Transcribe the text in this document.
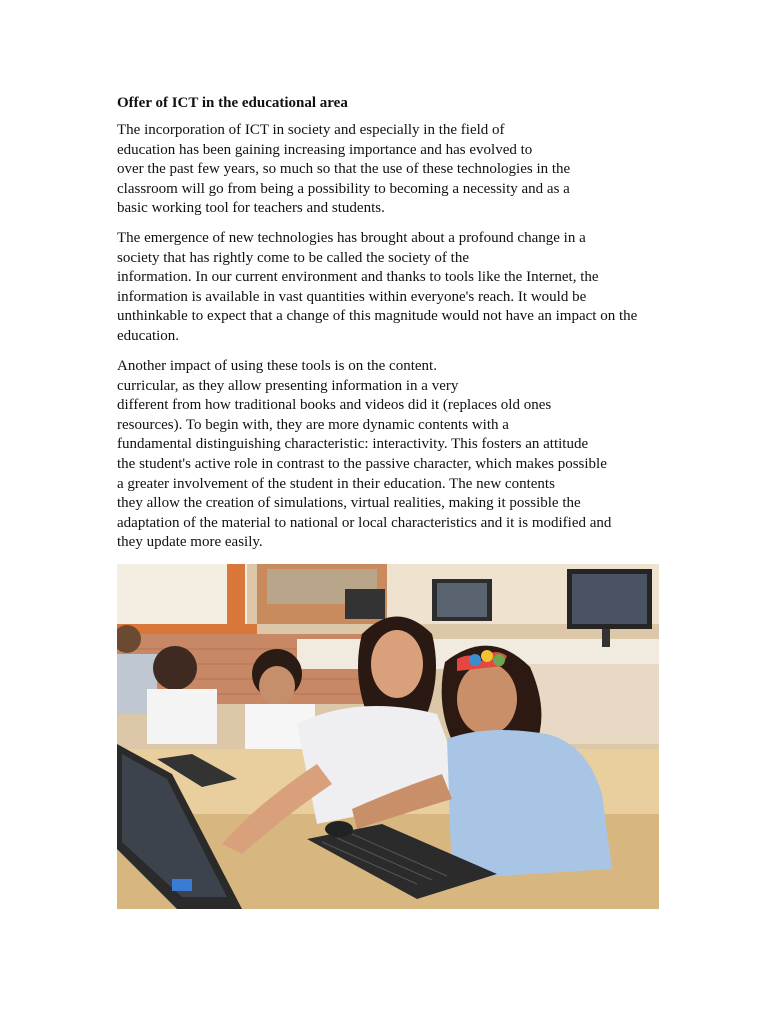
Offer of ICT in the educational area

The incorporation of ICT in society and especially in the field of
education has been gaining increasing importance and has evolved to
over the past few years, so much so that the use of these technologies in the
classroom will go from being a possibility to becoming a necessity and as a
basic working tool for teachers and students.

The emergence of new technologies has brought about a profound change in a
society that has rightly come to be called the society of the
information. In our current environment and thanks to tools like the Internet, the
information is available in vast quantities within everyone's reach. It would be
unthinkable to expect that a change of this magnitude would not have an impact on the
education.

Another impact of using these tools is on the content.
curricular, as they allow presenting information in a very
different from how traditional books and videos did it (replaces old ones
resources). To begin with, they are more dynamic contents with a
fundamental distinguishing characteristic: interactivity. This fosters an attitude
the student's active role in contrast to the passive character, which makes possible
a greater involvement of the student in their education. The new contents
they allow the creation of simulations, virtual realities, making it possible the
adaptation of the material to national or local characteristics and it is modified and
they update more easily.
